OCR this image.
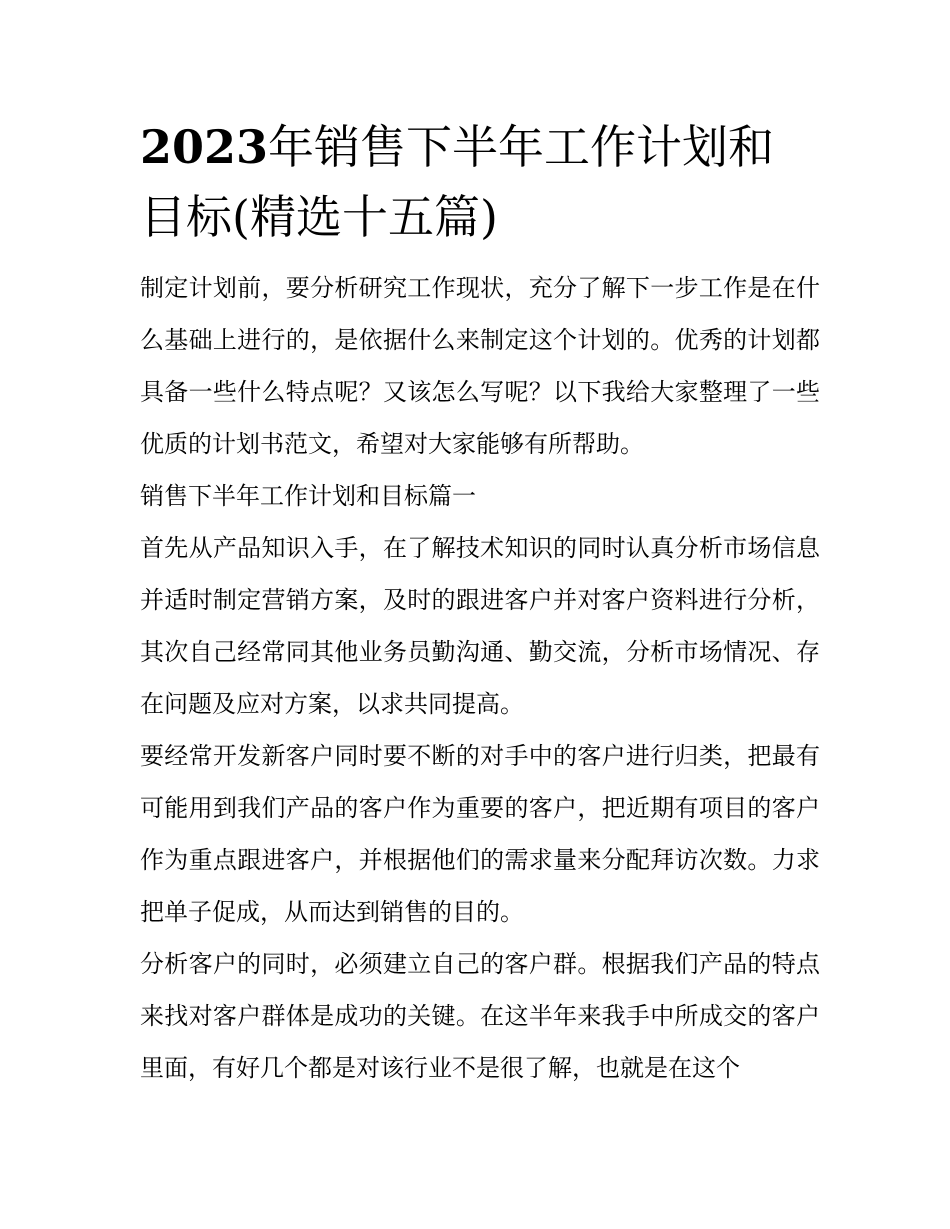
2023年销售下半年工作计划和目标(精选十五篇)

制定计划前，要分析研究工作现状，充分了解下一步工作是在什么基础上进行的，是依据什么来制定这个计划的。优秀的计划都具备一些什么特点呢？又该怎么写呢？以下我给大家整理了一些优质的计划书范文，希望对大家能够有所帮助。

销售下半年工作计划和目标篇一

首先从产品知识入手，在了解技术知识的同时认真分析市场信息并适时制定营销方案，及时的跟进客户并对客户资料进行分析，其次自己经常同其他业务员勤沟通、勤交流，分析市场情况、存在问题及应对方案，以求共同提高。

要经常开发新客户同时要不断的对手中的客户进行归类，把最有可能用到我们产品的客户作为重要的客户，把近期有项目的客户作为重点跟进客户，并根据他们的需求量来分配拜访次数。力求把单子促成，从而达到销售的目的。

分析客户的同时，必须建立自己的客户群。根据我们产品的特点来找对客户群体是成功的关键。在这半年来我手中所成交的客户里面，有好几个都是对该行业不是很了解，也就是在这个
